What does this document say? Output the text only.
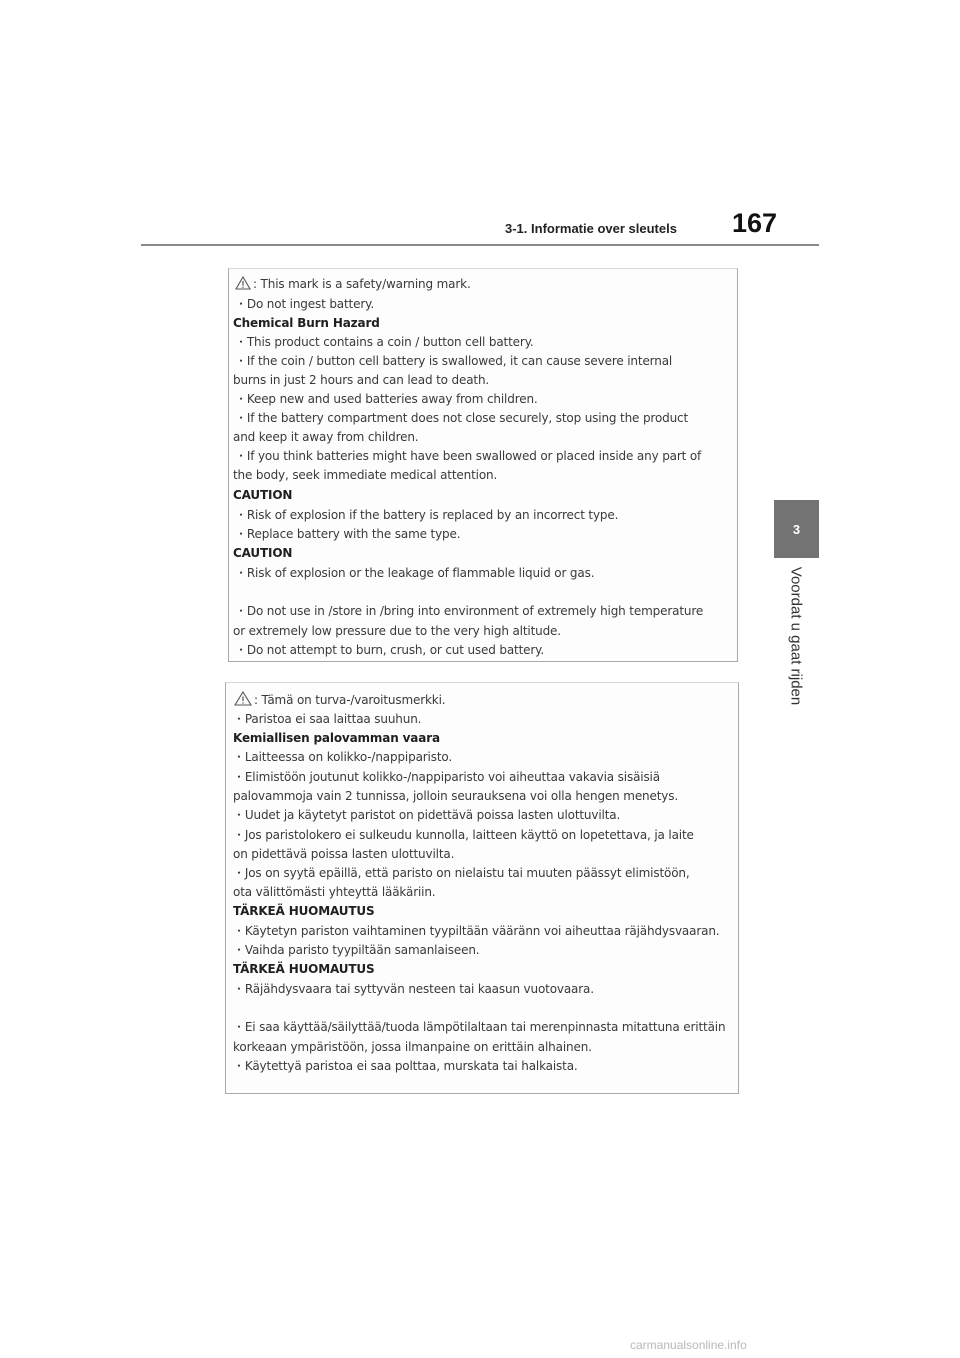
3-1. Informatie over sleutels 167
3
Voordat u gaat rijden
: This mark is a safety/warning mark.
・Do not ingest battery.
Chemical Burn Hazard
・This product contains a coin / button cell battery.
・If the coin / button cell battery is swallowed, it can cause severe internal
burns in just 2 hours and can lead to death.
・Keep new and used batteries away from children.
・If the battery compartment does not close securely, stop using the product
and keep it away from children.
・If you think batteries might have been swallowed or placed inside any part of
the body, seek immediate medical attention.
CAUTION
・Risk of explosion if the battery is replaced by an incorrect type.
・Replace battery with the same type.
CAUTION
・Risk of explosion or the leakage of flammable liquid or gas.
・Do not use in /store in /bring into environment of extremely high temperature
or extremely low pressure due to the very high altitude.
・Do not attempt to burn, crush, or cut used battery.
: Tämä on turva-/varoitusmerkki.
・Paristoa ei saa laittaa suuhun.
Kemiallisen palovamman vaara
・Laitteessa on kolikko-/nappiparisto.
・Elimistöön joutunut kolikko-/nappiparisto voi aiheuttaa vakavia sisäisiä
palovammoja vain 2 tunnissa, jolloin seurauksena voi olla hengen menetys.
・Uudet ja käytetyt paristot on pidettävä poissa lasten ulottuvilta.
・Jos paristolokero ei sulkeudu kunnolla, laitteen käyttö on lopetettava, ja laite
on pidettävä poissa lasten ulottuvilta.
・Jos on syytä epäillä, että paristo on nielaistu tai muuten päässyt elimistöön,
ota välittömästi yhteyttä lääkäriin.
TÄRKEÄ HUOMAUTUS
・Käytetyn pariston vaihtaminen tyypiltään vääränn voi aiheuttaa räjähdysvaaran.
・Vaihda paristo tyypiltään samanlaiseen.
TÄRKEÄ HUOMAUTUS
・Räjähdysvaara tai syttyvän nesteen tai kaasun vuotovaara.
・Ei saa käyttää/säilyttää/tuoda lämpötilaltaan tai merenpinnasta mitattuna erittäin
korkeaan ympäristöön, jossa ilmanpaine on erittäin alhainen.
・Käytettyä paristoa ei saa polttaa, murskata tai halkaista.
carmanualsonline.info
